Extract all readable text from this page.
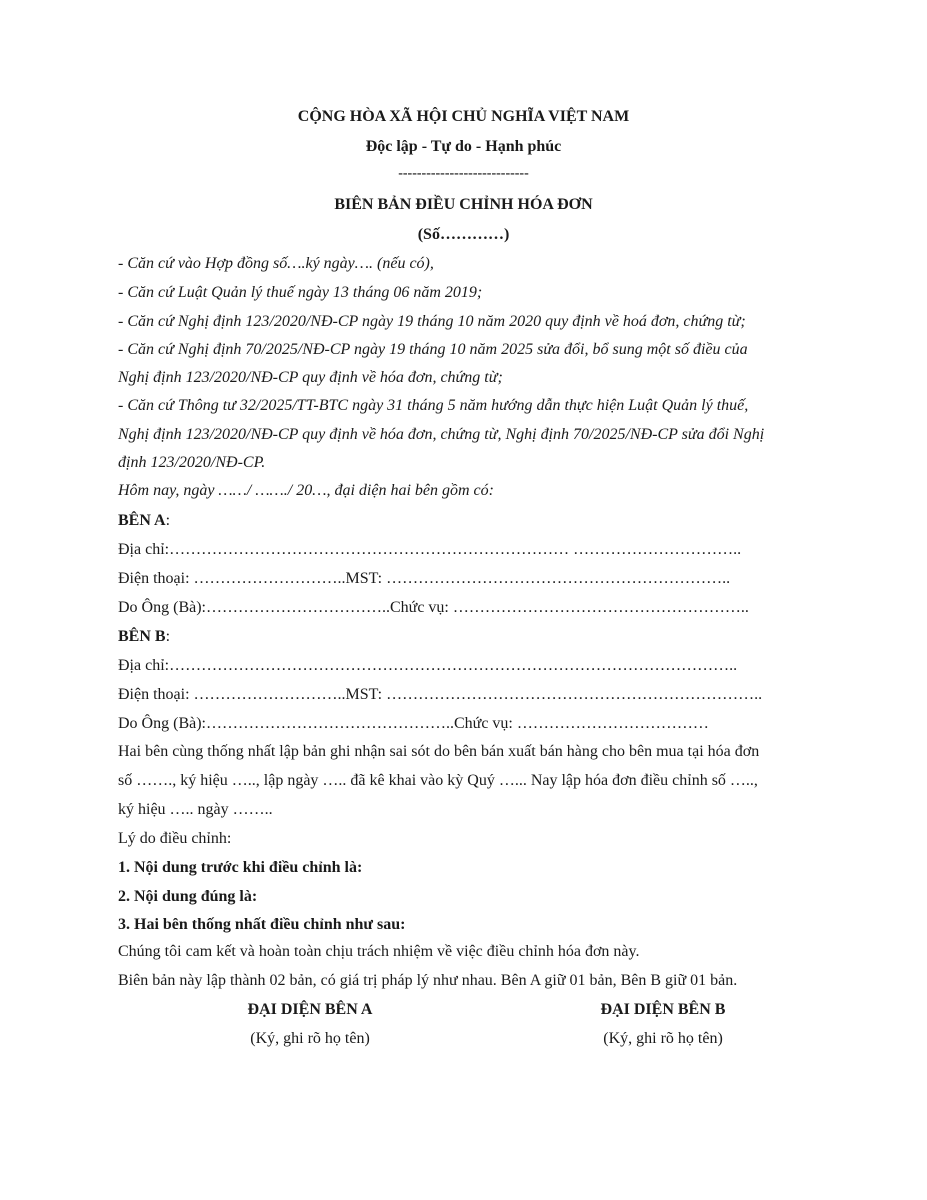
CỘNG HÒA XÃ HỘI CHỦ NGHĨA VIỆT NAM
Độc lập - Tự do - Hạnh phúc
----------------------------
BIÊN BẢN ĐIỀU CHỈNH HÓA ĐƠN
(Số…………)
- Căn cứ vào Hợp đồng số….ký ngày…. (nếu có),
- Căn cứ Luật Quản lý thuế ngày 13 tháng 06 năm 2019;
- Căn cứ Nghị định 123/2020/NĐ-CP ngày 19 tháng 10 năm 2020 quy định về hoá đơn, chứng từ;
- Căn cứ Nghị định 70/2025/NĐ-CP ngày 19 tháng 10 năm 2025 sửa đổi, bổ sung một số điều của
Nghị định 123/2020/NĐ-CP quy định về hóa đơn, chứng từ;
- Căn cứ Thông tư 32/2025/TT-BTC ngày 31 tháng 5 năm hướng dẫn thực hiện Luật Quản lý thuế,
Nghị định 123/2020/NĐ-CP quy định về hóa đơn, chứng từ, Nghị định 70/2025/NĐ-CP sửa đổi Nghị
định 123/2020/NĐ-CP.
Hôm nay, ngày ……/ ……./ 20…, đại diện hai bên gồm có:
BÊN A:
Địa chỉ:………………………………………………………………… …………………………..
Điện thoại: ………………………..MST: ………………………………………………………..
Do Ông (Bà):……………………………..Chức vụ: ………………………………………………..
BÊN B:
Địa chỉ:……………………………………………………………………………………………..
Điện thoại: ………………………..MST: ……………………………………………………………..
Do Ông (Bà):………………………………………..Chức vụ: ………………………………
Hai bên cùng thống nhất lập bản ghi nhận sai sót do bên bán xuất bán hàng cho bên mua tại hóa đơn
số ……., ký hiệu ….., lập ngày ….. đã kê khai vào kỳ Quý …... Nay lập hóa đơn điều chỉnh số …..,
ký hiệu ….. ngày ……..
Lý do điều chỉnh:
1. Nội dung trước khi điều chỉnh là:
2. Nội dung đúng là:
3. Hai bên thống nhất điều chỉnh như sau:
Chúng tôi cam kết và hoàn toàn chịu trách nhiệm về việc điều chỉnh hóa đơn này.
Biên bản này lập thành 02 bản, có giá trị pháp lý như nhau. Bên A giữ 01 bản, Bên B giữ 01 bản.
ĐẠI DIỆN BÊN A
(Ký, ghi rõ họ tên)
ĐẠI DIỆN BÊN B
(Ký, ghi rõ họ tên)
